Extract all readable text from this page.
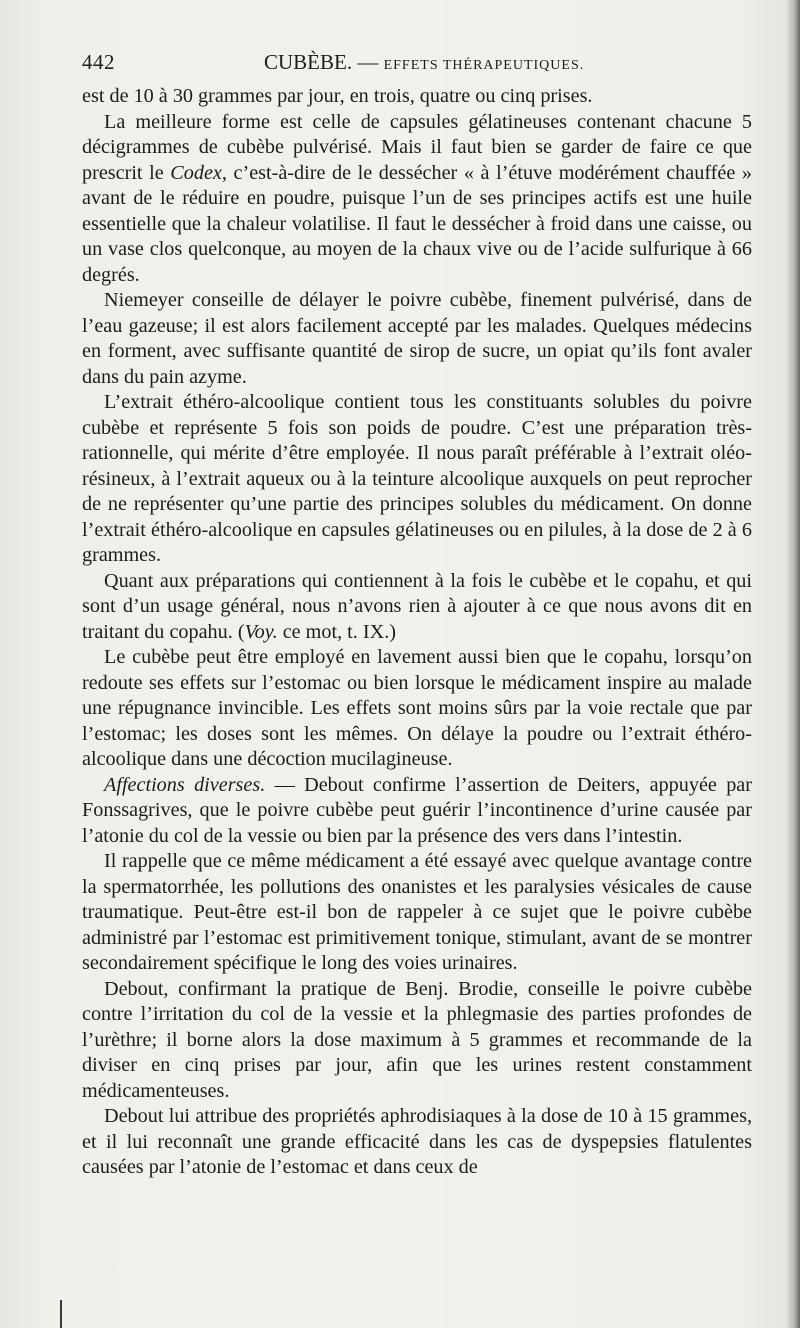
442	CUBÈBE. — EFFETS THÉRAPEUTIQUES.

est de 10 à 30 grammes par jour, en trois, quatre ou cinq prises.

La meilleure forme est celle de capsules gélatineuses contenant chacune 5 décigrammes de cubèbe pulvérisé. Mais il faut bien se garder de faire ce que prescrit le Codex, c’est-à-dire de le dessécher « à l’étuve modérément chauffée » avant de le réduire en poudre, puisque l’un de ses principes actifs est une huile essentielle que la chaleur volatilise. Il faut le dessécher à froid dans une caisse, ou un vase clos quelconque, au moyen de la chaux vive ou de l’acide sulfurique à 66 degrés.

Niemeyer conseille de délayer le poivre cubèbe, finement pulvérisé, dans de l’eau gazeuse; il est alors facilement accepté par les malades. Quelques médecins en forment, avec suffisante quantité de sirop de sucre, un opiat qu’ils font avaler dans du pain azyme.

L’extrait éthéro-alcoolique contient tous les constituants solubles du poivre cubèbe et représente 5 fois son poids de poudre. C’est une préparation très-rationnelle, qui mérite d’être employée. Il nous paraît préférable à l’extrait oléo-résineux, à l’extrait aqueux ou à la teinture alcoolique auxquels on peut reprocher de ne représenter qu’une partie des principes solubles du médicament. On donne l’extrait éthéro-alcoolique en capsules gélatineuses ou en pilules, à la dose de 2 à 6 grammes.

Quant aux préparations qui contiennent à la fois le cubèbe et le copahu, et qui sont d’un usage général, nous n’avons rien à ajouter à ce que nous avons dit en traitant du copahu. (Voy. ce mot, t. IX.)

Le cubèbe peut être employé en lavement aussi bien que le copahu, lorsqu’on redoute ses effets sur l’estomac ou bien lorsque le médicament inspire au malade une répugnance invincible. Les effets sont moins sûrs par la voie rectale que par l’estomac; les doses sont les mêmes. On délaye la poudre ou l’extrait éthéro-alcoolique dans une décoction mucilagineuse.

Affections diverses. — Debout confirme l’assertion de Deiters, appuyée par Fonssagrives, que le poivre cubèbe peut guérir l’incontinence d’urine causée par l’atonie du col de la vessie ou bien par la présence des vers dans l’intestin.

Il rappelle que ce même médicament a été essayé avec quelque avantage contre la spermatorrhée, les pollutions des onanistes et les paralysies vésicales de cause traumatique. Peut-être est-il bon de rappeler à ce sujet que le poivre cubèbe administré par l’estomac est primitivement tonique, stimulant, avant de se montrer secondairement spécifique le long des voies urinaires.

Debout, confirmant la pratique de Benj. Brodie, conseille le poivre cubèbe contre l’irritation du col de la vessie et la phlegmasie des parties profondes de l’urèthre; il borne alors la dose maximum à 5 grammes et recommande de la diviser en cinq prises par jour, afin que les urines restent constamment médicamenteuses.

Debout lui attribue des propriétés aphrodisiaques à la dose de 10 à 15 grammes, et il lui reconnaît une grande efficacité dans les cas de dyspepsies flatulentes causées par l’atonie de l’estomac et dans ceux de
